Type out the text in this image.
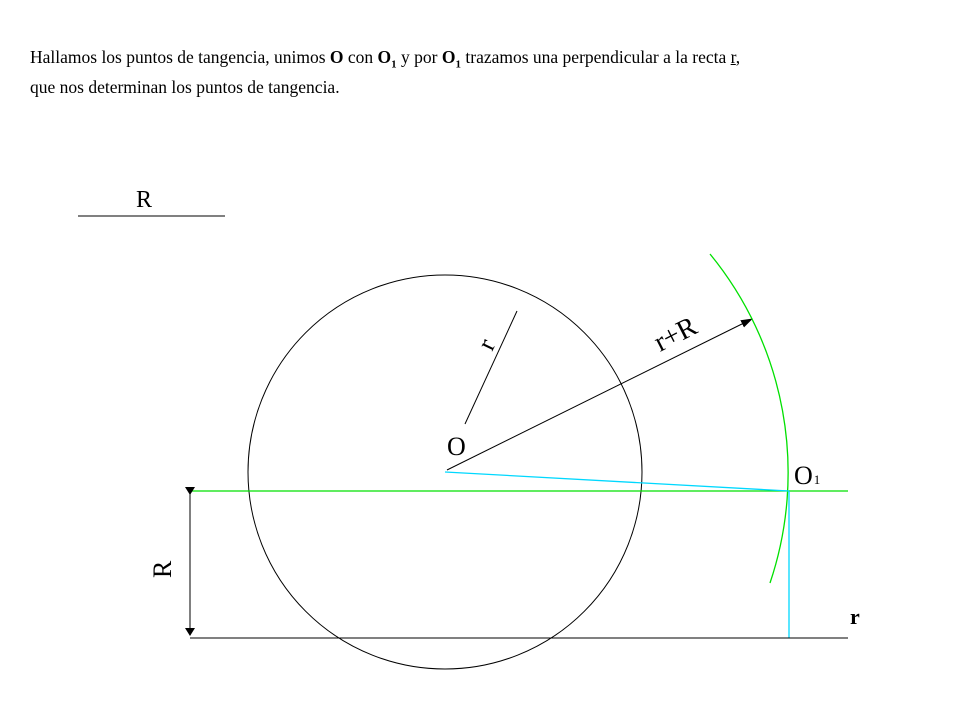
Hallamos los puntos de tangencia, unimos O con $O_1$ y por $O_1$ trazamos una perpendicular a la recta r,
que nos determinan los puntos de tangencia.
R
r	r+R
O
O1
r
R
